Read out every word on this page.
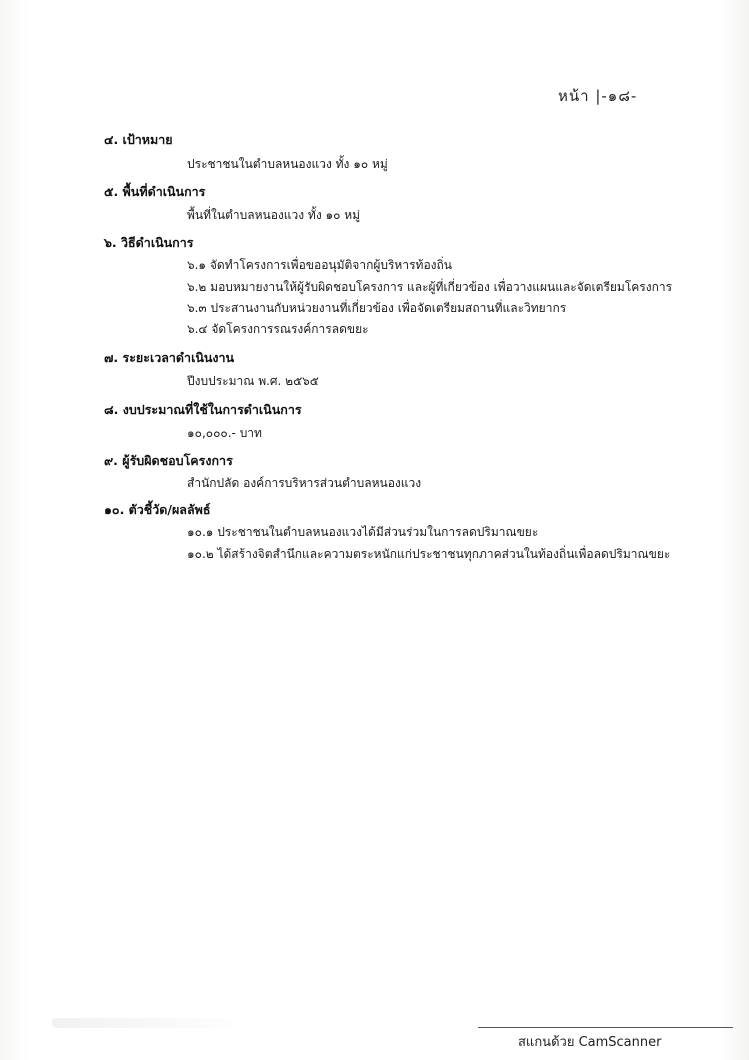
หน้า |-๑๘-
๔. เป้าหมาย
ประชาชนในตำบลหนองแวง ทั้ง ๑๐ หมู่
๕. พื้นที่ดำเนินการ
พื้นที่ในตำบลหนองแวง ทั้ง ๑๐ หมู่
๖. วิธีดำเนินการ
๖.๑ จัดทำโครงการเพื่อขออนุมัติจากผู้บริหารท้องถิ่น
๖.๒ มอบหมายงานให้ผู้รับผิดชอบโครงการ และผู้ที่เกี่ยวข้อง เพื่อวางแผนและจัดเตรียมโครงการ
๖.๓ ประสานงานกับหน่วยงานที่เกี่ยวข้อง เพื่อจัดเตรียมสถานที่และวิทยากร
๖.๔ จัดโครงการรณรงค์การลดขยะ
๗. ระยะเวลาดำเนินงาน
ปีงบประมาณ พ.ศ. ๒๕๖๕
๘. งบประมาณที่ใช้ในการดำเนินการ
๑๐,๐๐๐.- บาท
๙. ผู้รับผิดชอบโครงการ
สำนักปลัด องค์การบริหารส่วนตำบลหนองแวง
๑๐. ตัวชี้วัด/ผลลัพธ์
๑๐.๑ ประชาชนในตำบลหนองแวงได้มีส่วนร่วมในการลดปริมาณขยะ
๑๐.๒ ได้สร้างจิตสำนึกและความตระหนักแก่ประชาชนทุกภาคส่วนในท้องถิ่นเพื่อลดปริมาณขยะ
สแกนด้วย CamScanner
